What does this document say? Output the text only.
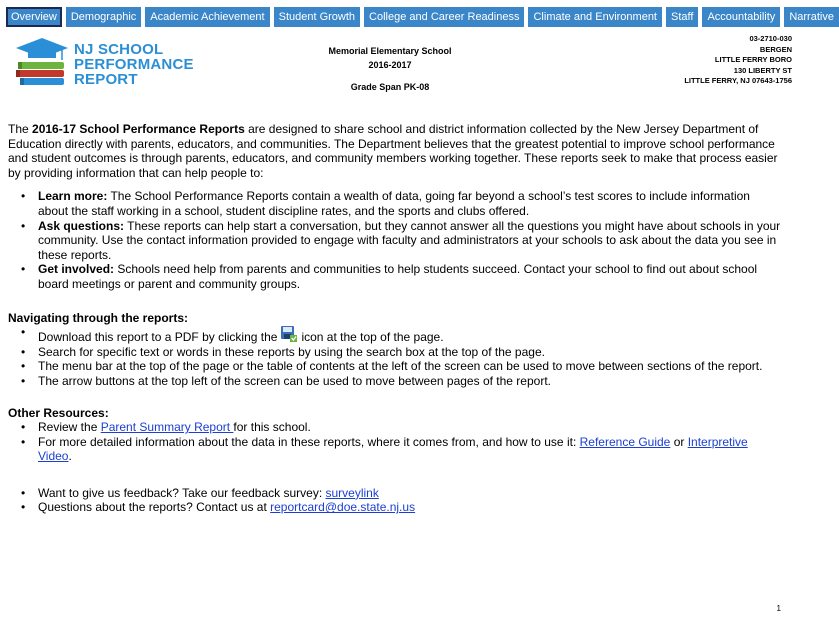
Overview	Demographic	Academic Achievement	Student Growth	College and Career Readiness	Climate and Environment	Staff	Accountability	Narrative
NJ SCHOOL
PERFORMANCE
REPORT
Memorial Elementary School
2016-2017
Grade Span PK-08
03-2710-030
BERGEN
LITTLE FERRY BORO
130 LIBERTY ST
LITTLE FERRY, NJ 07643-1756

The 2016-17 School Performance Reports are designed to share school and district information collected by the New Jersey Department of Education directly with parents, educators, and communities. The Department believes that the greatest potential to improve school performance and student outcomes is through parents, educators, and community members working together. These reports seek to make that process easier by providing information that can help people to:

• Learn more: The School Performance Reports contain a wealth of data, going far beyond a school’s test scores to include information about the staff working in a school, student discipline rates, and the sports and clubs offered.
• Ask questions: These reports can help start a conversation, but they cannot answer all the questions you might have about schools in your community. Use the contact information provided to engage with faculty and administrators at your schools to ask about the data you see in these reports.
• Get involved: Schools need help from parents and communities to help students succeed. Contact your school to find out about school board meetings or parent and community groups.
Navigating through the reports:
• Download this report to a PDF by clicking the icon at the top of the page.
• Search for specific text or words in these reports by using the search box at the top of the page.
• The menu bar at the top of the page or the table of contents at the left of the screen can be used to move between sections of the report.
• The arrow buttons at the top left of the screen can be used to move between pages of the report.
Other Resources:
• Review the Parent Summary Report for this school.
• For more detailed information about the data in these reports, where it comes from, and how to use it: Reference Guide or Interpretive Video.
• Want to give us feedback? Take our feedback survey: surveylink
• Questions about the reports? Contact us at reportcard@doe.state.nj.us
1
